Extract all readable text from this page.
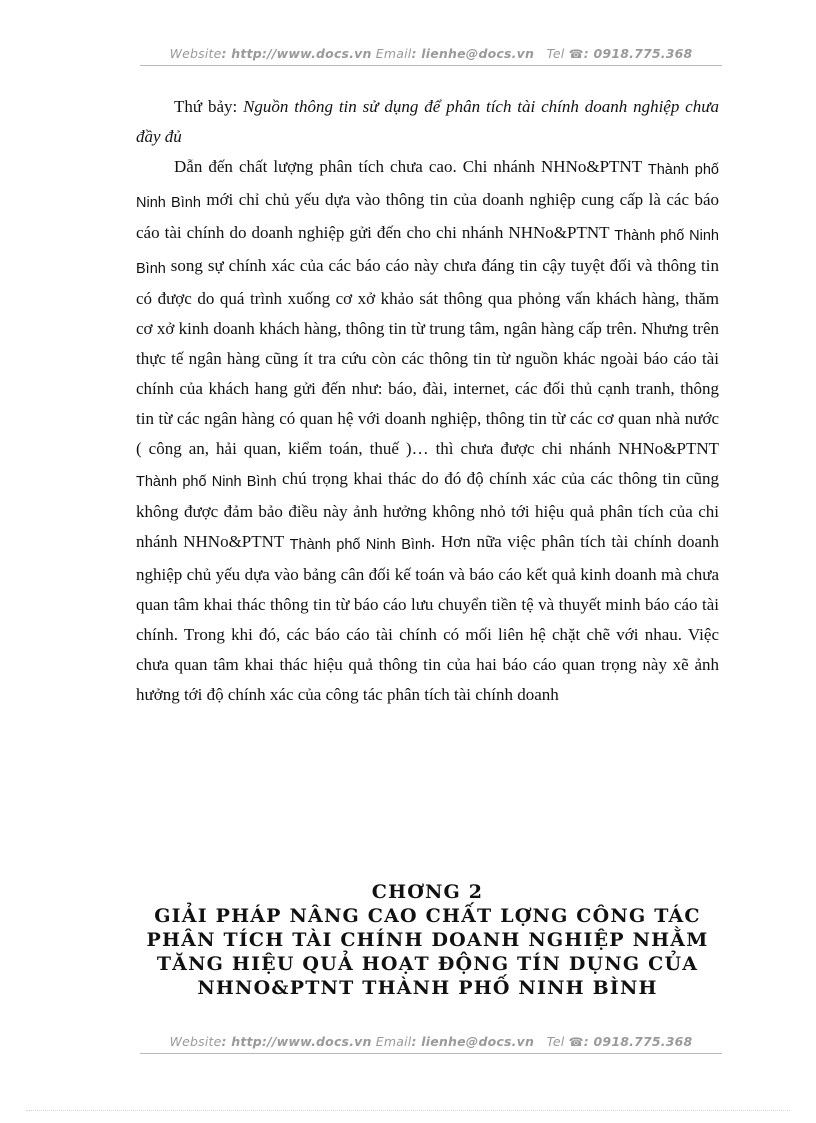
Website: http://www.docs.vn Email: lienhe@docs.vn Tel ☎: 0918.775.368

Thứ bảy: Nguồn thông tin sử dụng để phân tích tài chính doanh nghiệp chưa đầy đủ

Dẫn đến chất lượng phân tích chưa cao. Chi nhánh NHNo&PTNT Thành phố Ninh Bình mới chỉ chủ yếu dựa vào thông tin của doanh nghiệp cung cấp là các báo cáo tài chính do doanh nghiệp gửi đến cho chi nhánh NHNo&PTNT Thành phố Ninh Bình song sự chính xác của các báo cáo này chưa đáng tin cậy tuyệt đối và thông tin có được do quá trình xuống cơ xở khảo sát thông qua phỏng vấn khách hàng, thăm cơ xở kinh doanh khách hàng, thông tin từ trung tâm, ngân hàng cấp trên. Nhưng trên thực tế ngân hàng cũng ít tra cứu còn các thông tin từ nguồn khác ngoài báo cáo tài chính của khách hang gửi đến như: báo, đài, internet, các đối thủ cạnh tranh, thông tin từ các ngân hàng có quan hệ với doanh nghiệp, thông tin từ các cơ quan nhà nước ( công an, hải quan, kiểm toán, thuế )… thì chưa được chi nhánh NHNo&PTNT Thành phố Ninh Bình chú trọng khai thác do đó độ chính xác của các thông tin cũng không được đảm bảo điều này ảnh hưởng không nhỏ tới hiệu quả phân tích của chi nhánh NHNo&PTNT Thành phố Ninh Bình. Hơn nữa việc phân tích tài chính doanh nghiệp chủ yếu dựa vào bảng cân đối kế toán và báo cáo kết quả kinh doanh mà chưa quan tâm khai thác thông tin từ báo cáo lưu chuyển tiền tệ và thuyết minh báo cáo tài chính. Trong khi đó, các báo cáo tài chính có mối liên hệ chặt chẽ với nhau. Việc chưa quan tâm khai thác hiệu quả thông tin của hai báo cáo quan trọng này xẽ ảnh hưởng tới độ chính xác của công tác phân tích tài chính doanh

CHƠNG 2
GIẢI PHÁP NÂNG CAO CHẤT LỢNG CÔNG TÁC
PHÂN TÍCH TÀI CHÍNH DOANH NGHIỆP NHẰM
TĂNG HIỆU QUẢ HOẠT ĐỘNG TÍN DỤNG CỦA
NHNO&PTNT THÀNH PHỐ NINH BÌNH
Website: http://www.docs.vn Email: lienhe@docs.vn Tel ☎: 0918.775.368
